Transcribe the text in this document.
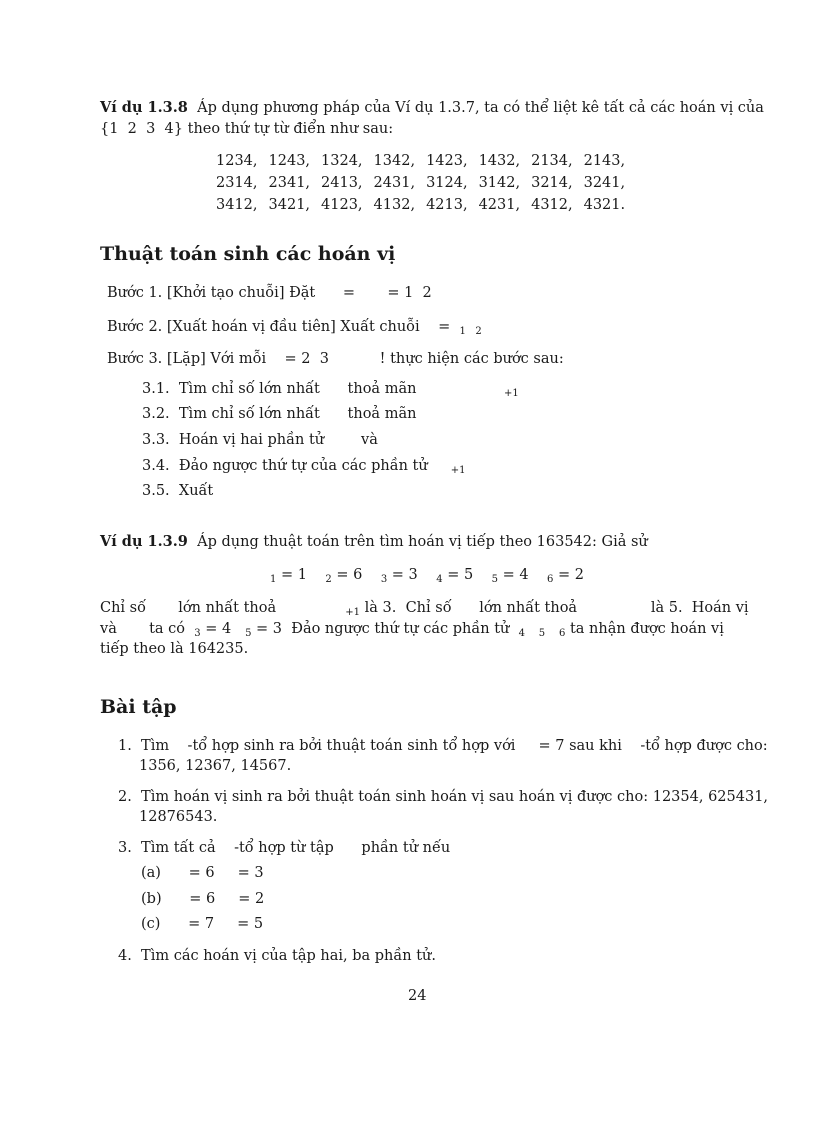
Ví dụ 1.3.8 Áp dụng phương pháp của Ví dụ 1.3.7, ta có thể liệt kê tất cả các hoán vị của
{1  2  3  4} theo thứ tự từ điển như sau:
1234,	1243,	1324,	1342,	1423,	1432,	2134,	2143,
2314,	2341,	2413,	2431,	3124,	3142,	3214,	3241,
3412,	3421,	4123,	4132,	4213,	4231,	4312,	4321.
Thuật toán sinh các hoán vị
Bước 1. [Khởi tạo chuỗi] Đặt      =       = 1  2
Bước 2. [Xuất hoán vị đầu tiên] Xuất chuỗi    = $_{1 2}$
Bước 3. [Lặp] Với mỗi    = 2  3           ! thực hiện các bước sau:
3.1.  Tìm chỉ số lớn nhất      thoả mãn	$_{+1}$
3.2.  Tìm chỉ số lớn nhất      thoả mãn
3.3.  Hoán vị hai phần tử        và
3.4.  Đảo ngược thứ tự của các phần tử $_{+1}$
3.5.  Xuất
Ví dụ 1.3.9 Áp dụng thuật toán trên tìm hoán vị tiếp theo 163542: Giả sử
$_1$ = 1    $_2$ = 6    $_3$ = 3    $_4$ = 5    $_5$ = 4    $_6$ = 2
Chỉ số       lớn nhất thoả	$_{+1}$ là 3.  Chỉ số      lớn nhất thoả	là 5.  Hoán vị
và       ta có $_3$ = 4 $_5$ = 3  Đảo ngược thứ tự các phần tử $_4$ $_5$ $_6$ ta nhận được hoán vị
tiếp theo là 164235.
Bài tập
1.  Tìm    -tổ hợp sinh ra bởi thuật toán sinh tổ hợp với     = 7 sau khi    -tổ hợp được cho:
1356, 12367, 14567.
2.  Tìm hoán vị sinh ra bởi thuật toán sinh hoán vị sau hoán vị được cho: 12354, 625431,
12876543.
3.  Tìm tất cả    -tổ hợp từ tập      phần tử nếu
(a)      = 6     = 3
(b)      = 6     = 2
(c)      = 7     = 5
4.  Tìm các hoán vị của tập hai, ba phần tử.
24
